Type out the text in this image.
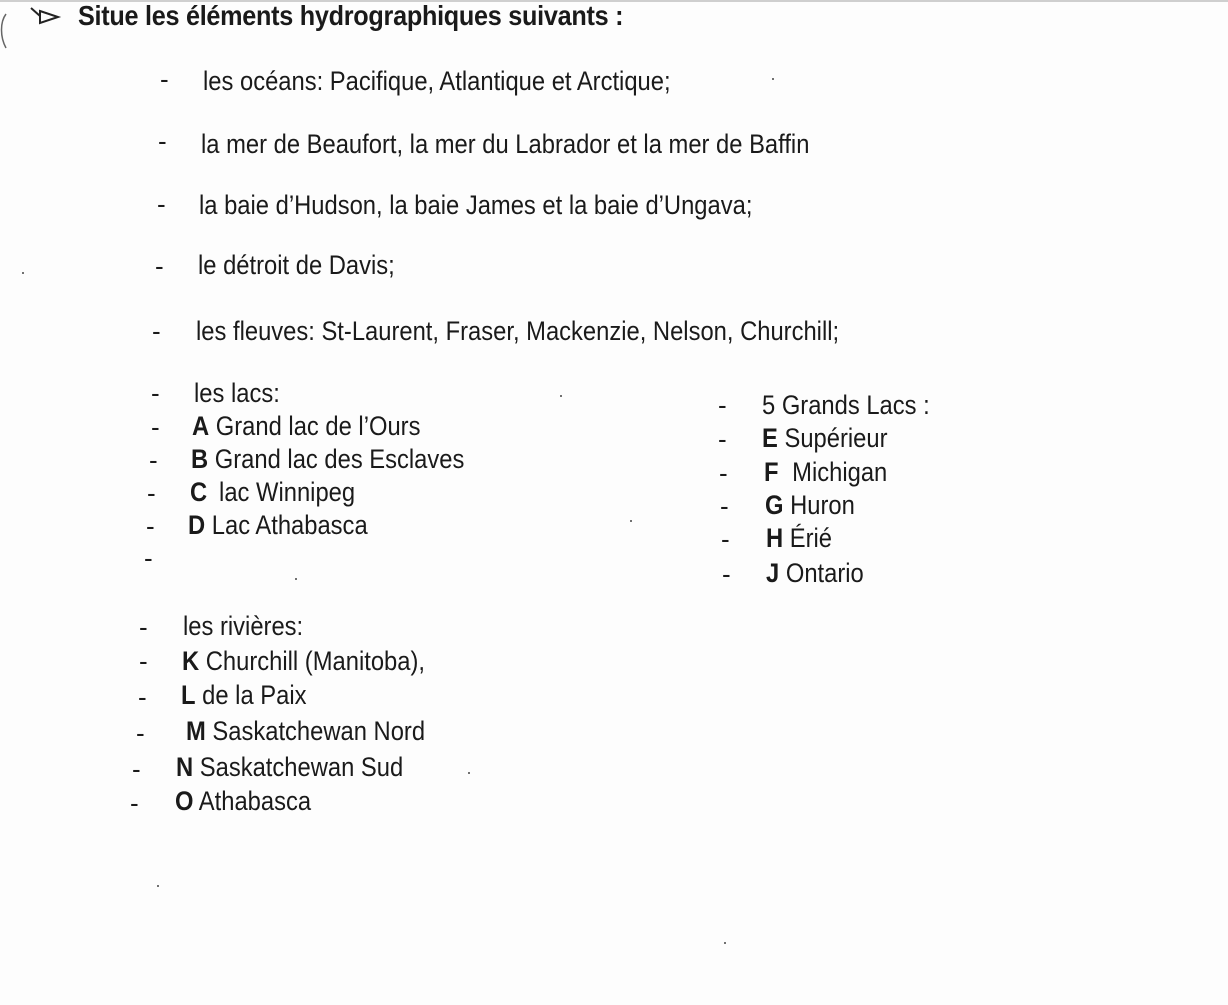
Situe les éléments hydrographiques suivants :
- les océans: Pacifique, Atlantique et Arctique;
- la mer de Beaufort, la mer du Labrador et la mer de Baffin
- la baie d’Hudson, la baie James et la baie d’Ungava;
- le détroit de Davis;
- les fleuves: St-Laurent, Fraser, Mackenzie, Nelson, Churchill;
- les lacs:
- A Grand lac de l’Ours
- B Grand lac des Esclaves
- C lac Winnipeg
- D Lac Athabasca
-
- 5 Grands Lacs :
- E Supérieur
- F Michigan
- G Huron
- H Érié
- J Ontario
- les rivières:
- K Churchill (Manitoba),
- L de la Paix
- M Saskatchewan Nord
- N Saskatchewan Sud
- O Athabasca
